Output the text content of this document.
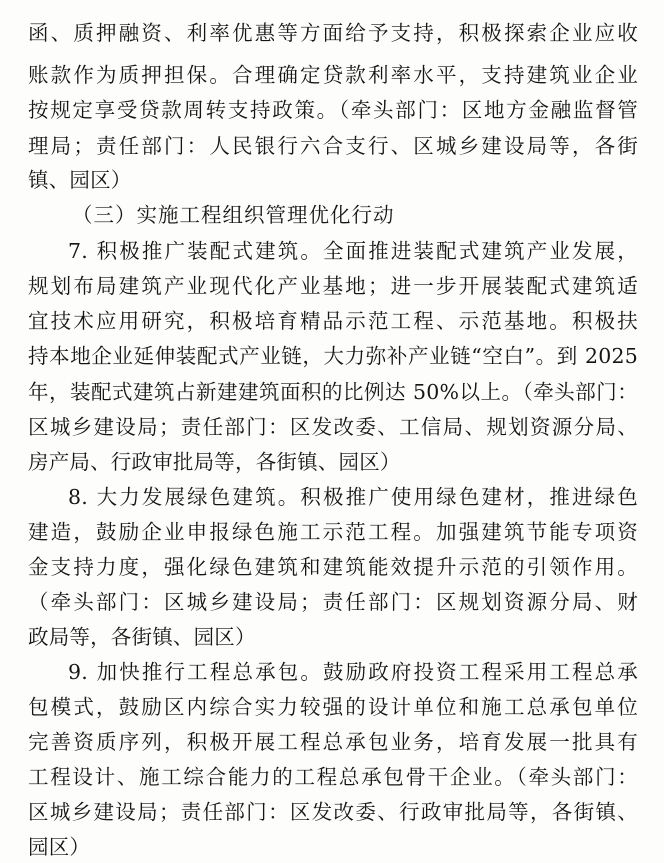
函、质押融资、利率优惠等方面给予支持，积极探索企业应收
账款作为质押担保。合理确定贷款利率水平，支持建筑业企业
按规定享受贷款周转支持政策。（牵头部门：区地方金融监督管
理局；责任部门：人民银行六合支行、区城乡建设局等，各街
镇、园区）
（三）实施工程组织管理优化行动
7. 积极推广装配式建筑。全面推进装配式建筑产业发展，
规划布局建筑产业现代化产业基地；进一步开展装配式建筑适
宜技术应用研究，积极培育精品示范工程、示范基地。积极扶
持本地企业延伸装配式产业链，大力弥补产业链“空白”。到 2025
年，装配式建筑占新建建筑面积的比例达 50%以上。（牵头部门：
区城乡建设局；责任部门：区发改委、工信局、规划资源分局、
房产局、行政审批局等，各街镇、园区）
8. 大力发展绿色建筑。积极推广使用绿色建材，推进绿色
建造，鼓励企业申报绿色施工示范工程。加强建筑节能专项资
金支持力度，强化绿色建筑和建筑能效提升示范的引领作用。
（牵头部门：区城乡建设局；责任部门：区规划资源分局、财
政局等，各街镇、园区）
9. 加快推行工程总承包。鼓励政府投资工程采用工程总承
包模式，鼓励区内综合实力较强的设计单位和施工总承包单位
完善资质序列，积极开展工程总承包业务，培育发展一批具有
工程设计、施工综合能力的工程总承包骨干企业。（牵头部门：
区城乡建设局；责任部门：区发改委、行政审批局等，各街镇、
园区）
